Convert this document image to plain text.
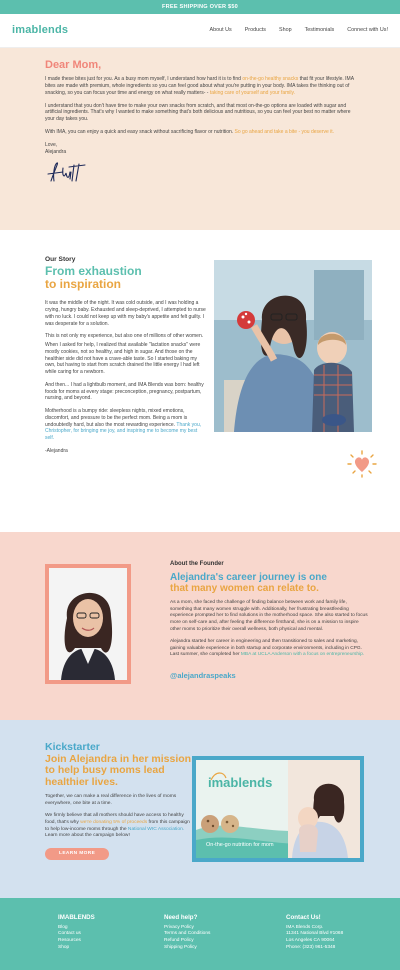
FREE SHIPPING OVER $50
imablends	About Us Products Shop Testimonials Connect with Us!
Dear Mom,

I made these bites just for you. As a busy mom myself, I understand how hard it is to find on-the-go healthy snacks that fit your lifestyle. IMA bites are made with premium, whole ingredients so you can feel good about what you're putting in your body. IMA takes the thinking out of snacking, so you can focus your time and energy on what really matters- - taking care of yourself and your family.

I understand that you don't have time to make your own snacks from scratch, and that most on-the-go options are loaded with sugar and artificial ingredients. That's why I wanted to make something that's both delicious and nutritious, so you can feel your best no matter where your day takes you.

With IMA, you can enjoy a quick and easy snack without sacrificing flavor or nutrition. So go ahead and take a bite - you deserve it.

Love,
Alejandra

Our Story
From exhaustion
to inspiration

It was the middle of the night. It was cold outside, and I was holding a crying, hungry baby. Exhausted and sleep-deprived, I attempted to nurse with no luck. I could not keep up with my baby's appetite and felt guilty. I was desperate for a solution.

This is not only my experience, but also one of millions of other women.

When I asked for help, I realized that available "lactation snacks" were mostly cookies, not so healthy, and high in sugar. And those on the healthier side did not have a crave-able taste. So I started baking my own, but having to start from scratch drained the little energy I had left while caring for a newborn.

And then... I had a lightbulb moment, and IMA Blends was born: healthy foods for moms at every stage: preconception, pregnancy, postpartum, nursing, and beyond.

Motherhood is a bumpy ride: sleepless nights, mixed emotions, discomfort, and pressure to be the perfect mom. Being a mom is undoubtedly hard, but also the most rewarding experience. Thank you, Christopher, for bringing me joy, and inspiring me to become my best self.

-Alejandra

About the Founder
Alejandra's career journey is one
that many women can relate to.

As a mom, she faced the challenge of finding balance between work and family life, something that many women struggle with. Additionally, her frustrating breastfeeding experience prompted her to find solutions in the motherhood space. She also started to focus more on self-care and, after feeling the difference firsthand, she is on a mission to inspire other moms to prioritize their overall wellness, both physical and mental.

Alejandra started her career in engineering and then transitioned to sales and marketing, gaining valuable experience in both startup and corporate environments, including in CPG. Last summer, she completed her MBA at UCLA Anderson with a focus on entrepreneurship.

@alejandraspeaks
Kickstarter
Join Alejandra in her mission to help busy moms lead healthier lives.

Together, we can make a real difference in the lives of moms everywhere, one bite at a time.

We firmly believe that all mothers should have access to healthy food, that's why we're donating 5% of proceeds from this campaign to help low-income moms through the National WIC Association. Learn more about the campaign below!

LEARN MORE
imablends
On-the-go nutrition for mom
IMABLENDS
Blog
Contact us
Resources
Shop
Need help?
Privacy Policy
Terms and Conditions
Refund Policy
Shipping Policy
Contact Us!
IMA Blends Corp.
11341 National Blvd #1068
Los Angeles CA 90064
Phone: (323) 961-5348
